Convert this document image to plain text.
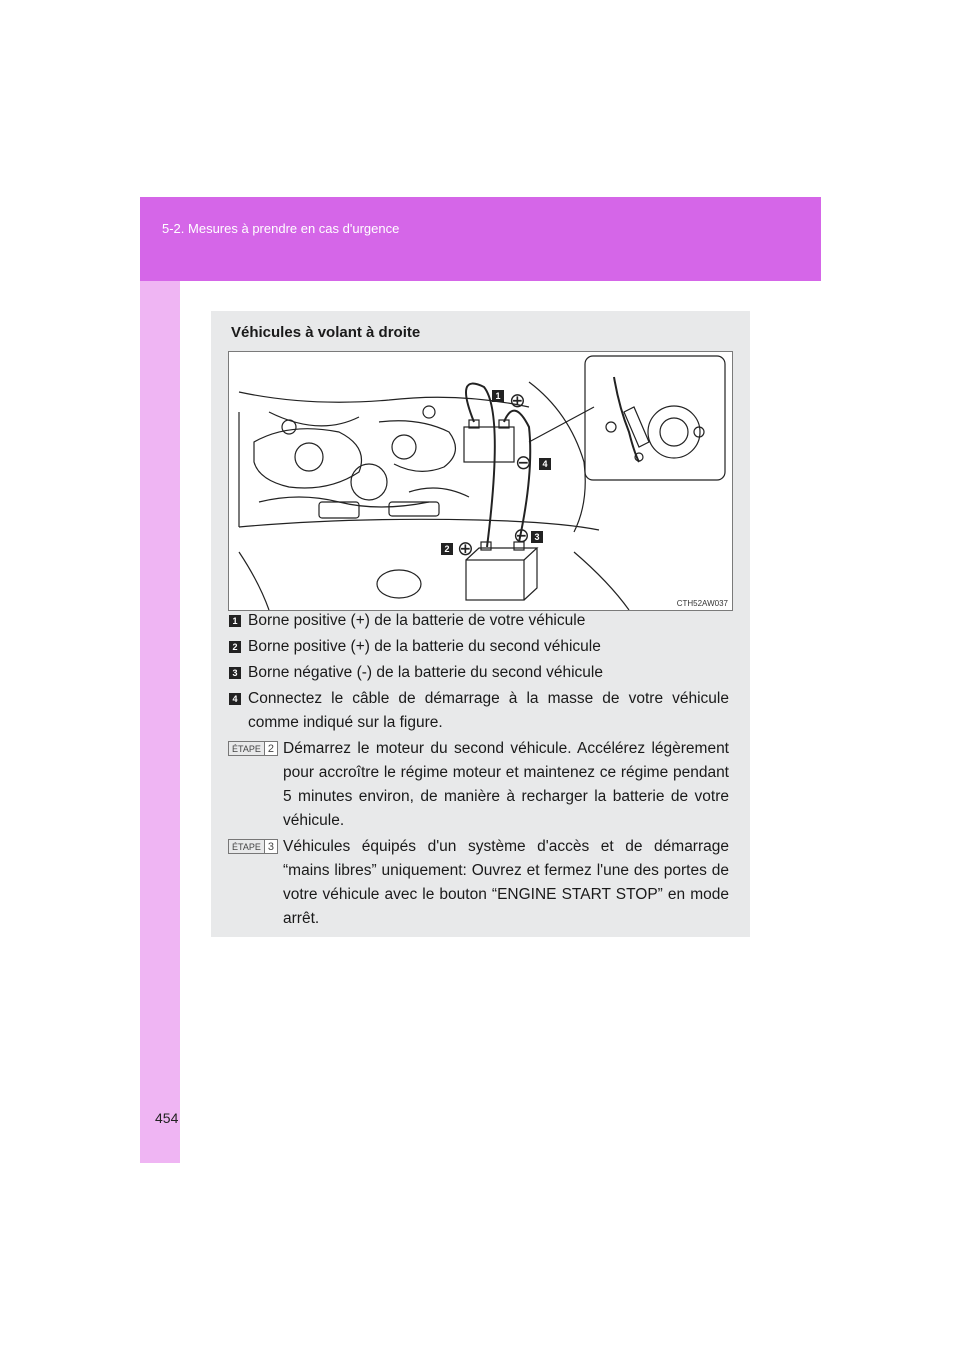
5-2. Mesures à prendre en cas d'urgence
Véhicules à volant à droite
⊕
⊕
⊖
⊖
1
2
3
4
CTH52AW037
1 Borne positive (+) de la batterie de votre véhicule
2 Borne positive (+) de la batterie du second véhicule
3 Borne négative (-) de la batterie du second véhicule
4 Connectez le câble de démarrage à la masse de votre véhicule comme indiqué sur la figure.
ÉTAPE 2 Démarrez le moteur du second véhicule. Accélérez légèrement pour accroître le régime moteur et maintenez ce régime pendant 5 minutes environ, de manière à recharger la batterie de votre véhicule.
ÉTAPE 3 Véhicules équipés d'un système d'accès et de démarrage “mains libres” uniquement: Ouvrez et fermez l'une des portes de votre véhicule avec le bouton “ENGINE START STOP” en mode arrêt.
454
